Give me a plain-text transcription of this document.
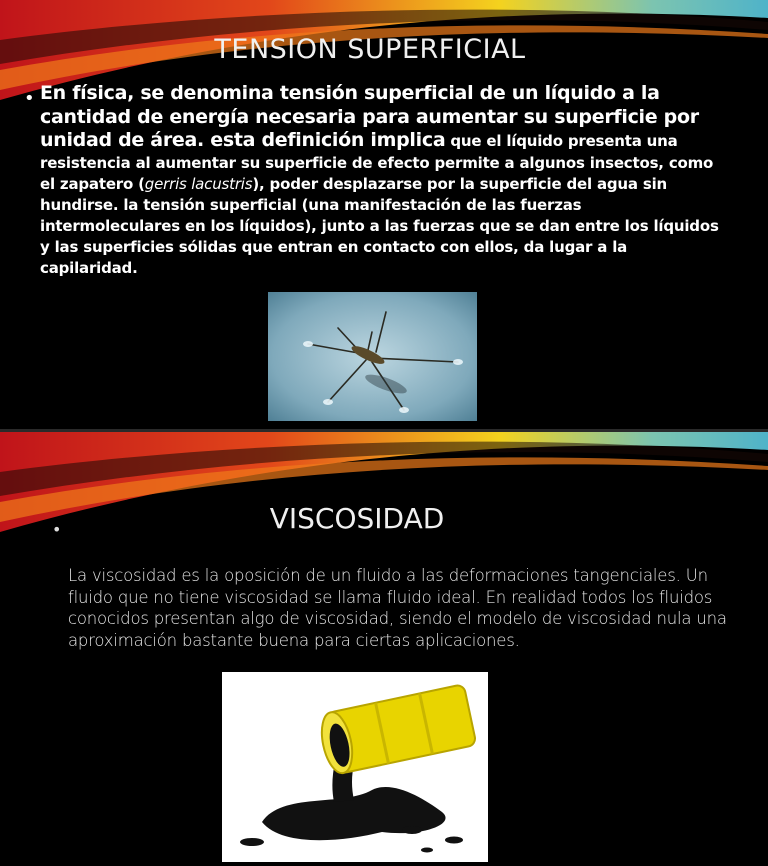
TENSION SUPERFICIAL
• En física, se denomina tensión superficial de un líquido a la cantidad de energía necesaria para aumentar su superficie por unidad de área. esta definición implica que el líquido presenta una resistencia al aumentar su superficie de efecto permite a algunos insectos, como el zapatero (gerris lacustris), poder desplazarse por la superficie del agua sin hundirse. la tensión superficial (una manifestación de las fuerzas intermoleculares en los líquidos), junto a las fuerzas que se dan entre los líquidos y las superficies sólidas que entran en contacto con ellos, da lugar a la capilaridad.
VISCOSIDAD
•
La viscosidad es la oposición de un fluido a las deformaciones tangenciales. Un fluido que no tiene viscosidad se llama fluido ideal. En realidad todos los fluidos conocidos presentan algo de viscosidad, siendo el modelo de viscosidad nula una aproximación bastante buena para ciertas aplicaciones.
